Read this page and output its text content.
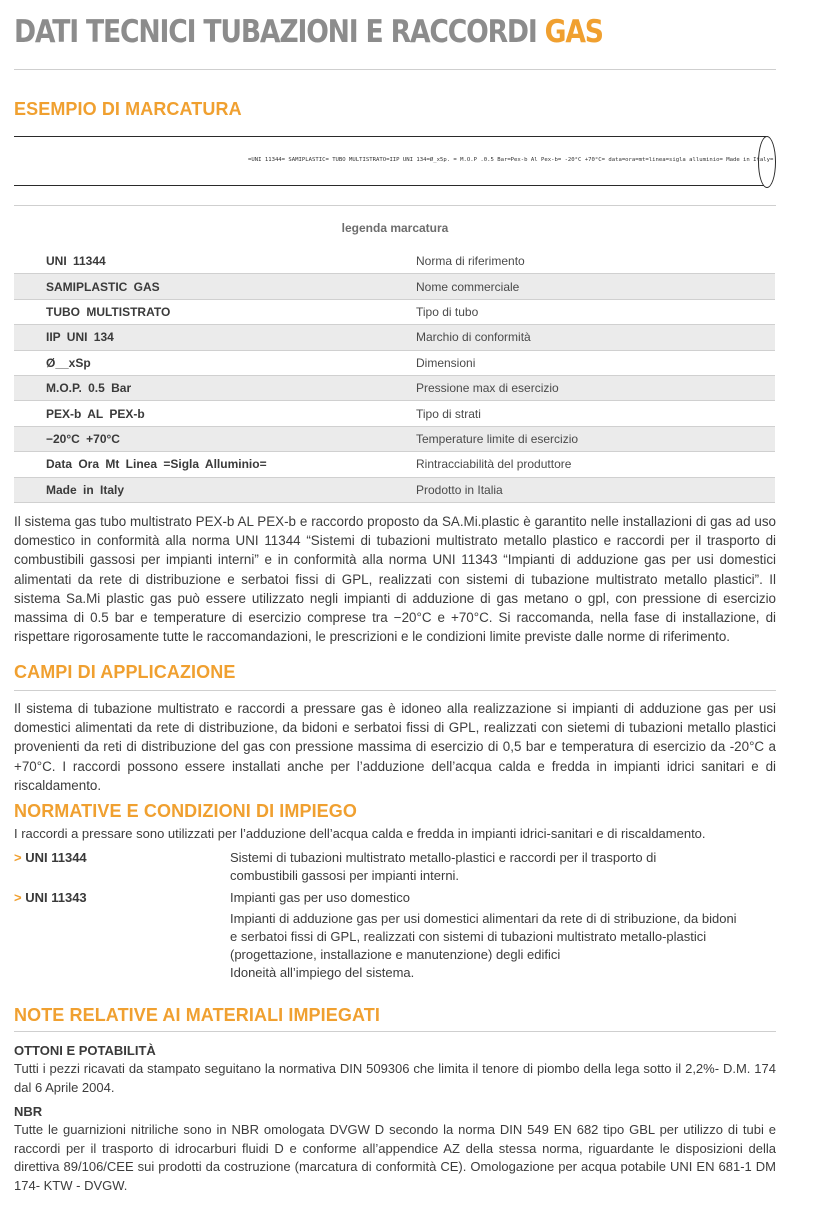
DATI TECNICI TUBAZIONI E RACCORDI GAS
ESEMPIO DI MARCATURA
=UNI 11344= SAMIPLASTIC= TUBO MULTISTRATO=IIP UNI 134=Ø_x5p. = M.O.P .0.5 Bar=Pex-b Al Pex-b= -20°C +70°C= data=ora=mt=linea=sigla alluminio= Made in Italy=
legenda marcatura
UNI 11344	Norma di riferimento
SAMIPLASTIC GAS	Nome commerciale
TUBO MULTISTRATO	Tipo di tubo
IIP UNI 134	Marchio di conformità
Ø__xSp	Dimensioni
M.O.P. 0.5 Bar	Pressione max di esercizio
PEX-b AL PEX-b	Tipo di strati
−20°C +70°C	Temperature limite di esercizio
Data Ora Mt Linea =Sigla Alluminio=	Rintracciabilità del produttore
Made in Italy	Prodotto in Italia

Il sistema gas tubo multistrato PEX-b AL PEX-b e raccordo proposto da SA.Mi.plastic è garantito nelle installazioni di gas ad uso domestico in conformità alla norma UNI 11344 “Sistemi di tubazioni multistrato metallo plastico e raccordi per il trasporto di combustibili gassosi per impianti interni” e in conformità alla norma UNI 11343 “Impianti di adduzione gas per usi domestici alimentati da rete di distribuzione e serbatoi fissi di GPL, realizzati con sistemi di tubazione multistrato metallo plastici”. Il sistema Sa.Mi plastic gas può essere utilizzato negli impianti di adduzione di gas metano o gpl, con pressione di esercizio massima di 0.5 bar e temperature di esercizio comprese tra −20°C e +70°C. Si raccomanda, nella fase di installazione, di rispettare rigorosamente tutte le raccomandazioni, le prescrizioni e le condizioni limite previste dalle norme di riferimento.

CAMPI DI APPLICAZIONE

Il sistema di tubazione multistrato e raccordi a pressare gas è idoneo alla realizzazione si impianti di adduzione gas per usi domestici alimentati da rete di distribuzione, da bidoni e serbatoi fissi di GPL, realizzati con sietemi di tubazioni metallo plastici provenienti da reti di distribuzione del gas con pressione massima di esercizio di 0,5 bar e temperatura di esercizio da -20°C a +70°C. I raccordi possono essere installati anche per l’adduzione dell’acqua calda e fredda in impianti idrici sanitari e di riscaldamento.

NORMATIVE E CONDIZIONI DI IMPIEGO

I raccordi a pressare sono utilizzati per l’adduzione dell’acqua calda e fredda in impianti idrici-sanitari e di riscaldamento.

> UNI 11344	Sistemi di tubazioni multistrato metallo-plastici e raccordi per il trasporto di
combustibili gassosi per impianti interni.
> UNI 11343	Impianti gas per uso domestico
Impianti di adduzione gas per usi domestici alimentari da rete di di stribuzione, da bidoni
e serbatoi fissi di GPL, realizzati con sistemi di tubazioni multistrato metallo-plastici
(progettazione, installazione e manutenzione) degli edifici
Idoneità all’impiego del sistema.
NOTE RELATIVE AI MATERIALI IMPIEGATI
OTTONI E POTABILITÀ

Tutti i pezzi ricavati da stampato seguitano la normativa DIN 509306 che limita il tenore di piombo della lega sotto il 2,2%- D.M. 174 dal 6 Aprile 2004.

NBR

Tutte le guarnizioni nitriliche sono in NBR omologata DVGW D secondo la norma DIN 549 EN 682 tipo GBL per utilizzo di tubi e raccordi per il trasporto di idrocarburi fluidi D e conforme all’appendice AZ della stessa norma, riguardante le disposizioni della direttiva 89/106/CEE sui prodotti da costruzione (marcatura di conformità CE). Omologazione per acqua potabile UNI EN 681-1 DM 174- KTW - DVGW.
